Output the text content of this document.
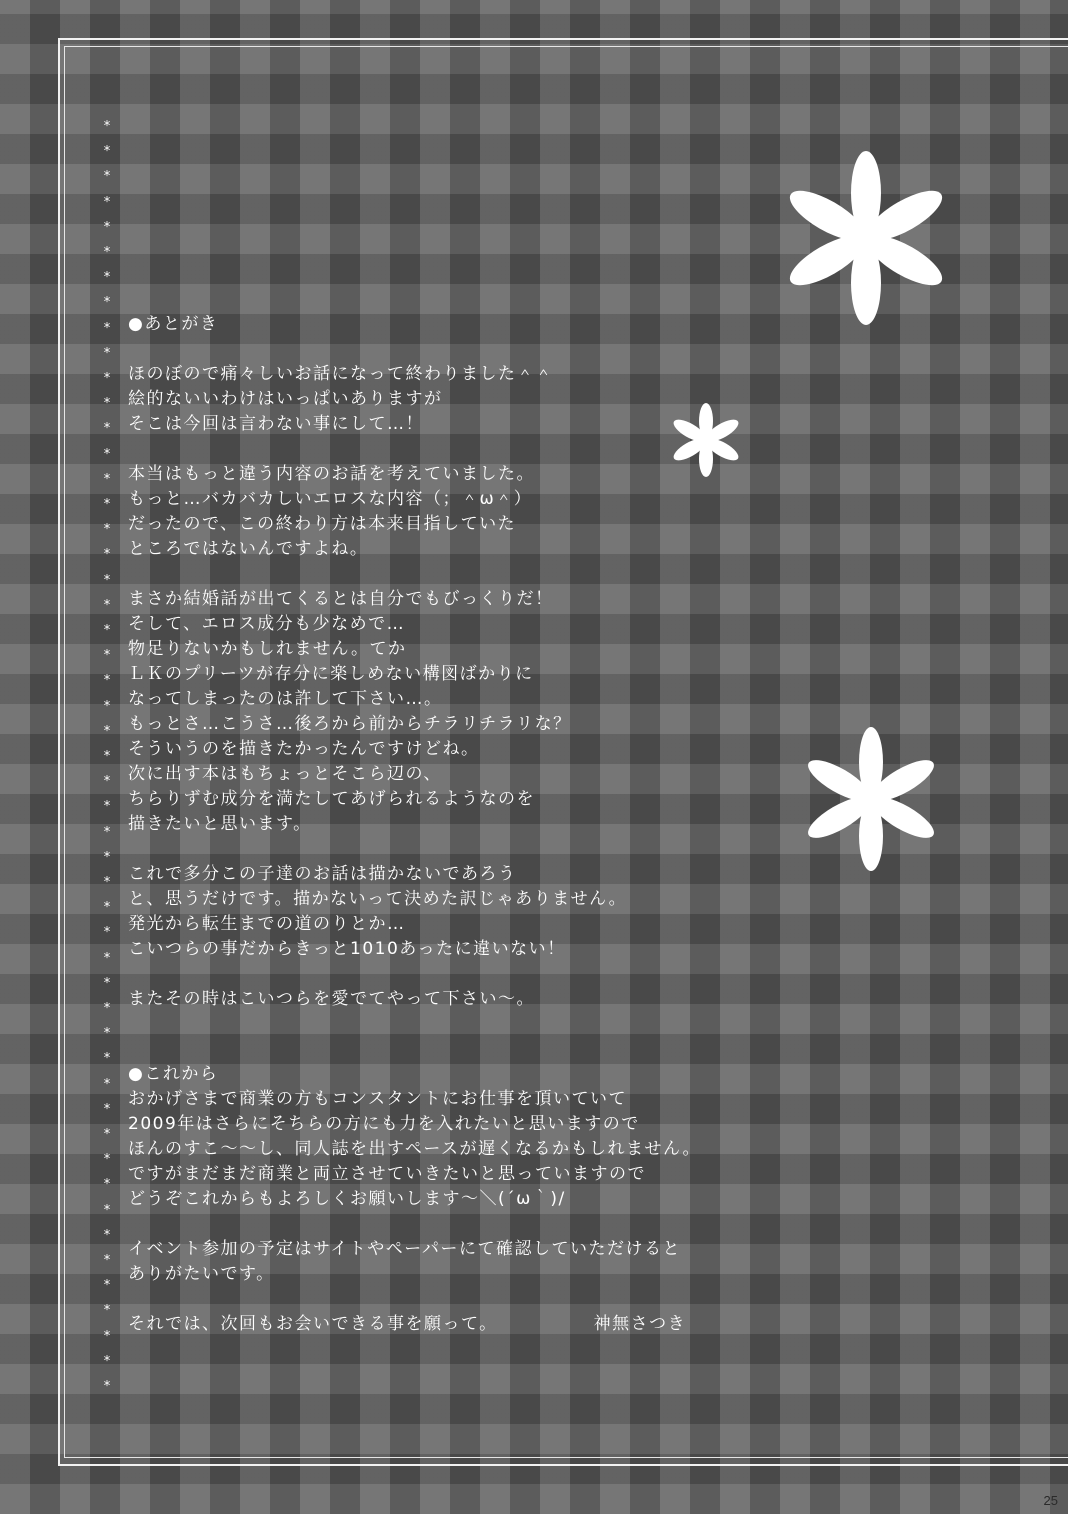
*
*
*
*
*
*
*
*
*
*
*
*
*
*
*
*
*
*
*
*
*
*
*
*
*
*
*
*
*
*
*
*
*
*
*
*
*
*
*
*
*
*
*
*
*
*
*
*
*
*
*
●あとがき
ほのぼので痛々しいお話になって終わりました＾＾
絵的ないいわけはいっぱいありますが
そこは今回は言わない事にして…！
本当はもっと違う内容のお話を考えていました。
もっと…バカバカしいエロスな内容（；＾ω＾）
だったので、この終わり方は本来目指していた
ところではないんですよね。
まさか結婚話が出てくるとは自分でもびっくりだ！
そして、エロス成分も少なめで…
物足りないかもしれません。てか
ＬＫのプリーツが存分に楽しめない構図ばかりに
なってしまったのは許して下さい…。
もっとさ…こうさ…後ろから前からチラリチラリな？
そういうのを描きたかったんですけどね。
次に出す本はもちょっとそこら辺の、
ちらりずむ成分を満たしてあげられるようなのを
描きたいと思います。
これで多分この子達のお話は描かないであろう
と、思うだけです。描かないって決めた訳じゃありません。
発光から転生までの道のりとか…
こいつらの事だからきっと1010あったに違いない！
またその時はこいつらを愛でてやって下さい～。
●これから
おかげさまで商業の方もコンスタントにお仕事を頂いていて
2009年はさらにそちらの方にも力を入れたいと思いますので
ほんのすこ～～し、同人誌を出すペースが遅くなるかもしれません。
ですがまだまだ商業と両立させていきたいと思っていますので
どうぞこれからもよろしくお願いします～＼(´ω｀)/
イベント参加の予定はサイトやペーパーにて確認していただけると
ありがたいです。
それでは、次回もお会いできる事を願って。	神無さつき
25
